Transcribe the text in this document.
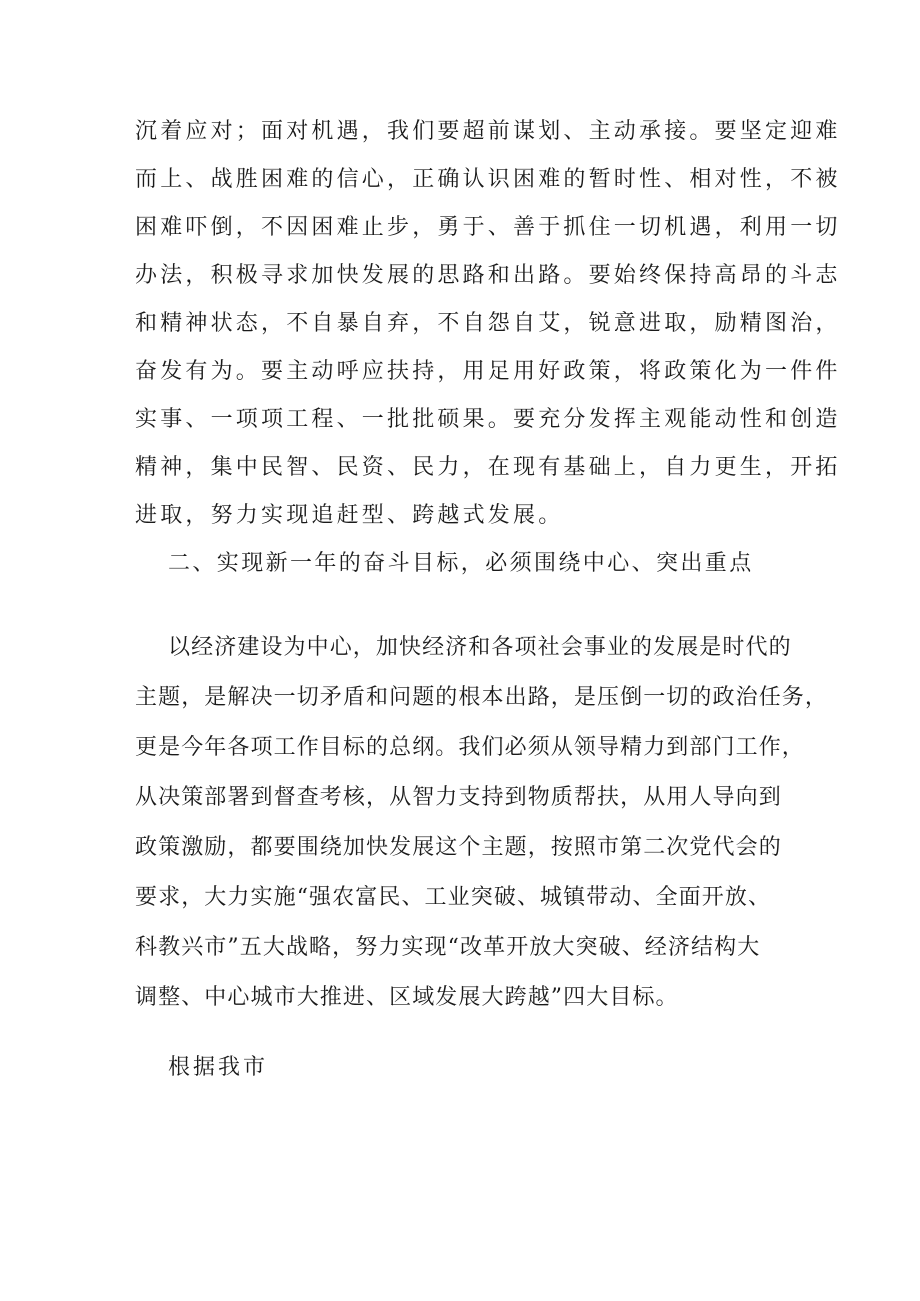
沉着应对；面对机遇，我们要超前谋划、主动承接。要坚定迎难

而上、战胜困难的信心，正确认识困难的暂时性、相对性，不被

困难吓倒，不因困难止步，勇于、善于抓住一切机遇，利用一切

办法，积极寻求加快发展的思路和出路。要始终保持高昂的斗志

和精神状态，不自暴自弃，不自怨自艾，锐意进取，励精图治，

奋发有为。要主动呼应扶持，用足用好政策，将政策化为一件件

实事、一项项工程、一批批硕果。要充分发挥主观能动性和创造

精神，集中民智、民资、民力，在现有基础上，自力更生，开拓

进取，努力实现追赶型、跨越式发展。

二、实现新一年的奋斗目标，必须围绕中心、突出重点

以经济建设为中心，加快经济和各项社会事业的发展是时代的

主题，是解决一切矛盾和问题的根本出路，是压倒一切的政治任务，

更是今年各项工作目标的总纲。我们必须从领导精力到部门工作，

从决策部署到督查考核，从智力支持到物质帮扶，从用人导向到

政策激励，都要围绕加快发展这个主题，按照市第二次党代会的

要求，大力实施“强农富民、工业突破、城镇带动、全面开放、

科教兴市”五大战略，努力实现“改革开放大突破、经济结构大

调整、中心城市大推进、区域发展大跨越”四大目标。

根据我市
